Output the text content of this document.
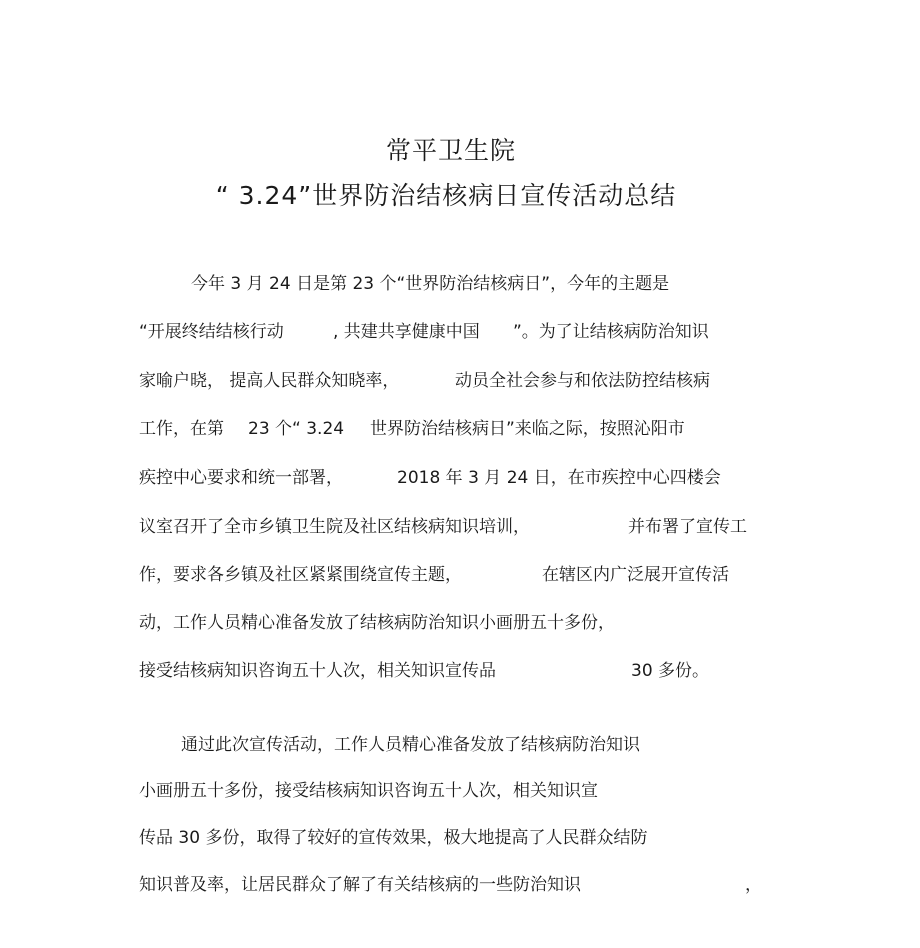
常平卫生院
“ 3.24”世界防治结核病日宣传活动总结
今年 3 月 24 日是第 23 个“世界防治结核病日”，今年的主题是
“开展终结结核行动	, 共建共享健康中国 ”。为了让结核病防治知识
家喻户晓， 提高人民群众知晓率，	动员全社会参与和依法防控结核病
工作，在第 23 个“ 3.24 世界防治结核病日”来临之际，按照沁阳市
疾控中心要求和统一部署，	2018 年 3 月 24 日，在市疾控中心四楼会
议室召开了全市乡镇卫生院及社区结核病知识培训，	并布署了宣传工
作，要求各乡镇及社区紧紧围绕宣传主题，	在辖区内广泛展开宣传活
动，工作人员精心准备发放了结核病防治知识小画册五十多份，
接受结核病知识咨询五十人次，相关知识宣传品	30 多份。
通过此次宣传活动，工作人员精心准备发放了结核病防治知识
小画册五十多份，接受结核病知识咨询五十人次，相关知识宣
传品 30 多份，取得了较好的宣传效果，极大地提高了人民群众结防
知识普及率，让居民群众了解了有关结核病的一些防治知识	，
